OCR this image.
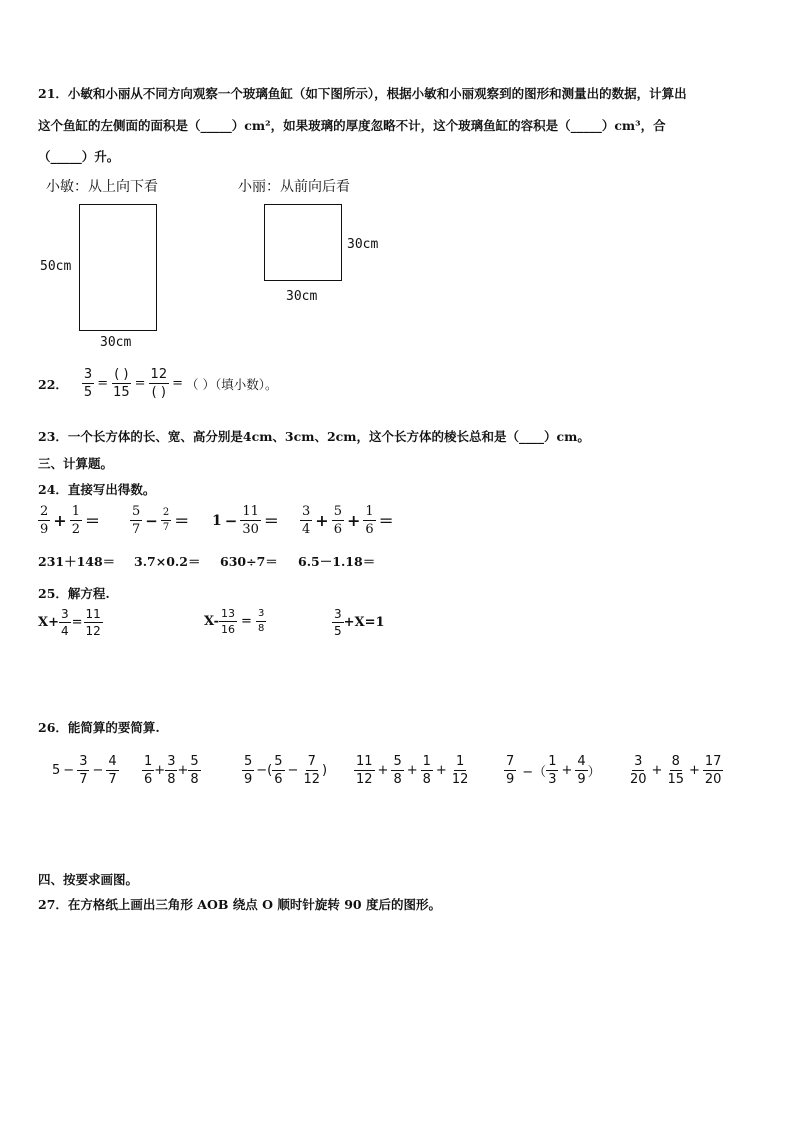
21．小敏和小丽从不同方向观察一个玻璃鱼缸（如下图所示），根据小敏和小丽观察到的图形和测量出的数据，计算出
这个鱼缸的左侧面的面积是（_____）cm²，如果玻璃的厚度忽略不计，这个玻璃鱼缸的容积是（_____）cm³，合
（_____）升。
小敏：从上向下看
50cm
30cm
小丽：从前向后看
30cm
30cm
22． $\frac{3}{5} = \frac{( )}{15} = \frac{12}{( )}$ = （ ）（填小数）。
23．一个长方体的长、宽、高分别是4cm、3cm、2cm，这个长方体的棱长总和是（____）cm。
三、计算题。
24．直接写出得数。
$\frac{2}{9} + \frac{1}{2} = \frac{5}{7} - \frac{2}{7} = 1 - \frac{11}{30} = \frac{3}{4} + \frac{5}{6} + \frac{1}{6}$ ＝
231＋148＝ 3.7×0.2＝ 630÷7＝ 6.5－1.18＝
25．解方程.
$X+ \frac{3}{4} = \frac{11}{12}$	$X- \frac{13}{16} = \frac{3}{8}$	$\frac{3}{5} +X=1$
26．能简算的要简算.
$5 - \frac{3}{7} - \frac{4}{7} \frac{1}{6} + \frac{3}{8} + \frac{5}{8}$	$\frac{5}{9}$ −( $\frac{5}{6} - \frac{7}{12}$ ) $\frac{11}{12} + \frac{5}{8} + \frac{1}{8} + \frac{1}{12}$	$\frac{7}{9}$ −（ $\frac{1}{3} + \frac{4}{9}$ ） $\frac{3}{20} + \frac{8}{15} + \frac{17}{20}$
四、按要求画图。
27．在方格纸上画出三角形 AOB 绕点 O 顺时针旋转 90 度后的图形。
